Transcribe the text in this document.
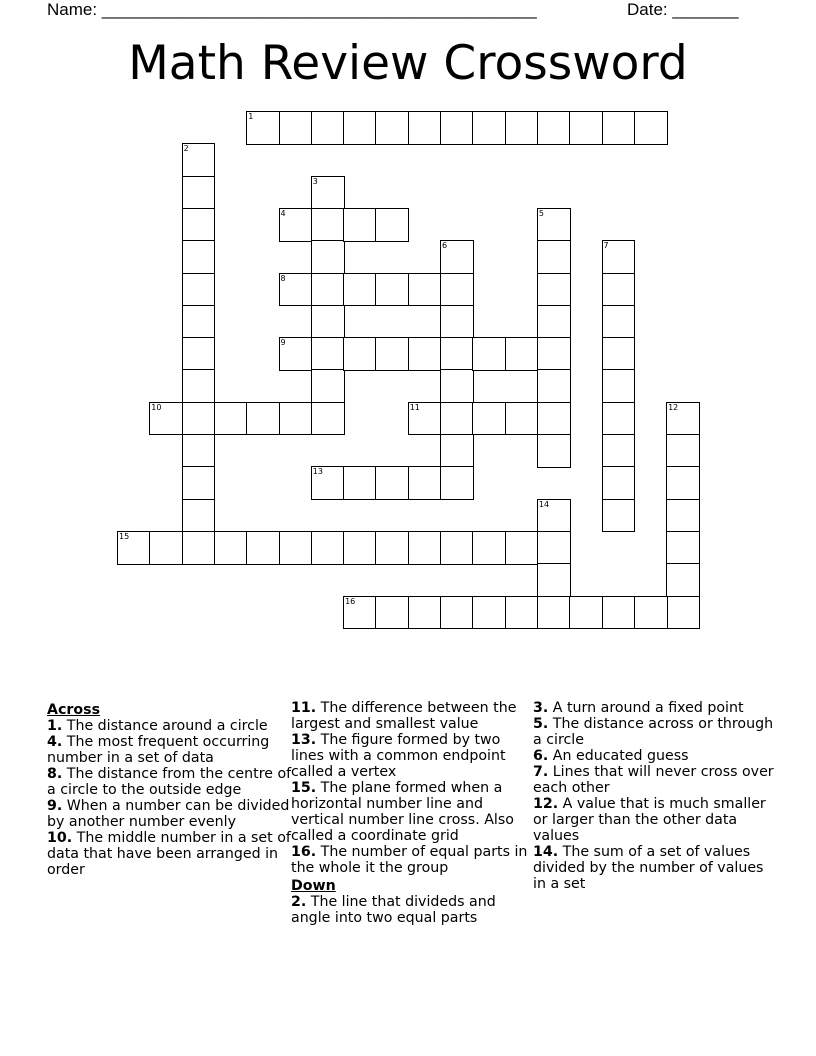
Name: ______________________________________________	Date: _______
Math Review Crossword
1
2
3
4	5
6	7
8
9
10	11	12
13
14
15
16
Across
1. The distance around a circle
4. The most frequent occurring number in a set of data
8. The distance from the centre of a circle to the outside edge
9. When a number can be divided by another number evenly
10. The middle number in a set of data that have been arranged in order
11. The difference between the largest and smallest value
13. The figure formed by two lines with a common endpoint called a vertex
15. The plane formed when a horizontal number line and vertical number line cross. Also called a coordinate grid
16. The number of equal parts in the whole it the group
Down
2. The line that divideds and angle into two equal parts
3. A turn around a fixed point
5. The distance across or through a circle
6. An educated guess
7. Lines that will never cross over each other
12. A value that is much smaller or larger than the other data values
14. The sum of a set of values divided by the number of values in a set
